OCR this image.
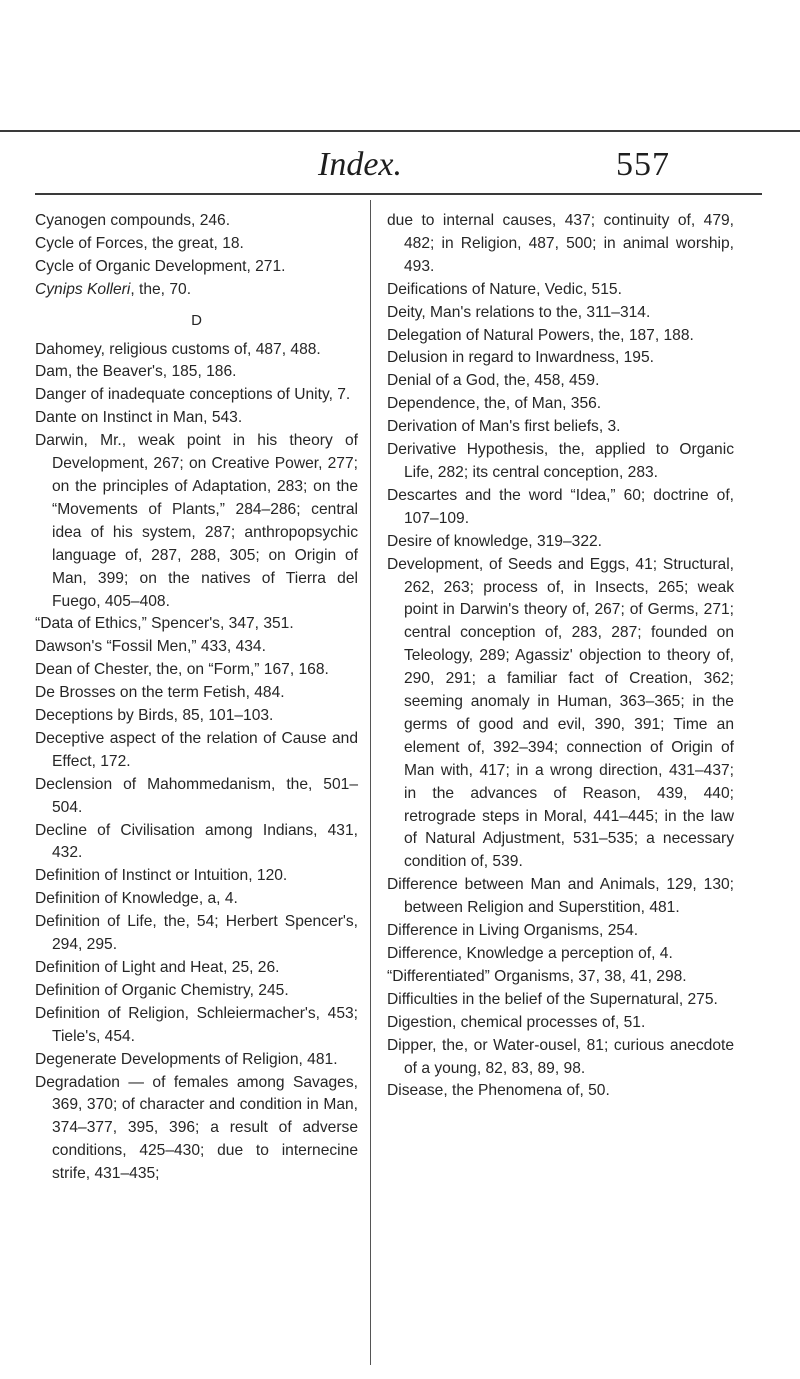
Index.	557

Cyanogen compounds, 246.

Cycle of Forces, the great, 18.

Cycle of Organic Development, 271.

Cynips Kolleri, the, 70.

D

Dahomey, religious customs of, 487, 488.

Dam, the Beaver's, 185, 186.

Danger of inadequate conceptions of Unity, 7.

Dante on Instinct in Man, 543.

Darwin, Mr., weak point in his theory of Development, 267; on Creative Power, 277; on the principles of Adaptation, 283; on the “Movements of Plants,” 284–286; central idea of his system, 287; anthropopsychic language of, 287, 288, 305; on Origin of Man, 399; on the natives of Tierra del Fuego, 405–408.

“Data of Ethics,” Spencer's, 347, 351.

Dawson's “Fossil Men,” 433, 434.

Dean of Chester, the, on “Form,” 167, 168.

De Brosses on the term Fetish, 484.

Deceptions by Birds, 85, 101–103.

Deceptive aspect of the relation of Cause and Effect, 172.

Declension of Mahommedanism, the, 501–504.

Decline of Civilisation among Indians, 431, 432.

Definition of Instinct or Intuition, 120.

Definition of Knowledge, a, 4.

Definition of Life, the, 54; Herbert Spencer's, 294, 295.

Definition of Light and Heat, 25, 26.

Definition of Organic Chemistry, 245.

Definition of Religion, Schleiermacher's, 453; Tiele's, 454.

Degenerate Developments of Religion, 481.

Degradation — of females among Savages, 369, 370; of character and condition in Man, 374–377, 395, 396; a result of adverse conditions, 425–430; due to internecine strife, 431–435;

due to internal causes, 437; continuity of, 479, 482; in Religion, 487, 500; in animal worship, 493.

Deifications of Nature, Vedic, 515.

Deity, Man's relations to the, 311–314.

Delegation of Natural Powers, the, 187, 188.

Delusion in regard to Inwardness, 195.

Denial of a God, the, 458, 459.

Dependence, the, of Man, 356.

Derivation of Man's first beliefs, 3.

Derivative Hypothesis, the, applied to Organic Life, 282; its central conception, 283.

Descartes and the word “Idea,” 60; doctrine of, 107–109.

Desire of knowledge, 319–322.

Development, of Seeds and Eggs, 41; Structural, 262, 263; process of, in Insects, 265; weak point in Darwin's theory of, 267; of Germs, 271; central conception of, 283, 287; founded on Teleology, 289; Agassiz' objection to theory of, 290, 291; a familiar fact of Creation, 362; seeming anomaly in Human, 363–365; in the germs of good and evil, 390, 391; Time an element of, 392–394; connection of Origin of Man with, 417; in a wrong direction, 431–437; in the advances of Reason, 439, 440; retrograde steps in Moral, 441–445; in the law of Natural Adjustment, 531–535; a necessary condition of, 539.

Difference between Man and Animals, 129, 130; between Religion and Superstition, 481.

Difference in Living Organisms, 254.

Difference, Knowledge a perception of, 4.

“Differentiated” Organisms, 37, 38, 41, 298.

Difficulties in the belief of the Supernatural, 275.

Digestion, chemical processes of, 51.

Dipper, the, or Water-ousel, 81; curious anecdote of a young, 82, 83, 89, 98.

Disease, the Phenomena of, 50.
